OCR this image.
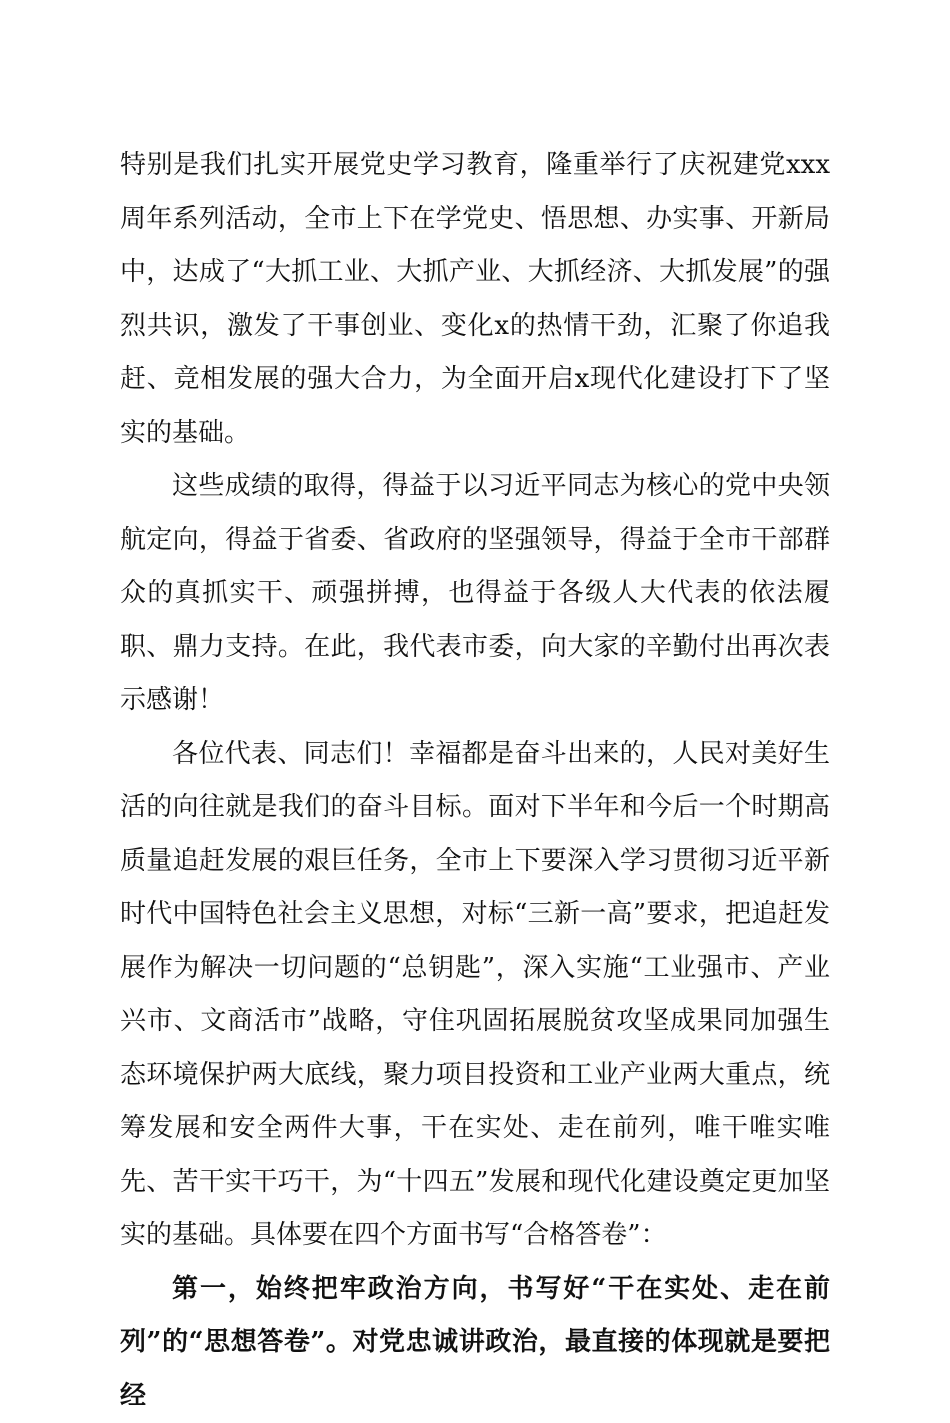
特别是我们扎实开展党史学习教育，隆重举行了庆祝建党xxx周年系列活动，全市上下在学党史、悟思想、办实事、开新局中，达成了“大抓工业、大抓产业、大抓经济、大抓发展”的强烈共识，激发了干事创业、变化x的热情干劲，汇聚了你追我赶、竞相发展的强大合力，为全面开启x现代化建设打下了坚实的基础。

这些成绩的取得，得益于以习近平同志为核心的党中央领航定向，得益于省委、省政府的坚强领导，得益于全市干部群众的真抓实干、顽强拼搏，也得益于各级人大代表的依法履职、鼎力支持。在此，我代表市委，向大家的辛勤付出再次表示感谢！

各位代表、同志们！幸福都是奋斗出来的，人民对美好生活的向往就是我们的奋斗目标。面对下半年和今后一个时期高质量追赶发展的艰巨任务，全市上下要深入学习贯彻习近平新时代中国特色社会主义思想，对标“三新一高”要求，把追赶发展作为解决一切问题的“总钥匙”，深入实施“工业强市、产业兴市、文商活市”战略，守住巩固拓展脱贫攻坚成果同加强生态环境保护两大底线，聚力项目投资和工业产业两大重点，统筹发展和安全两件大事，干在实处、走在前列，唯干唯实唯先、苦干实干巧干，为“十四五”发展和现代化建设奠定更加坚实的基础。具体要在四个方面书写“合格答卷”：

第一，始终把牢政治方向，书写好“干在实处、走在前列”的“思想答卷”。对党忠诚讲政治，最直接的体现就是要把经
